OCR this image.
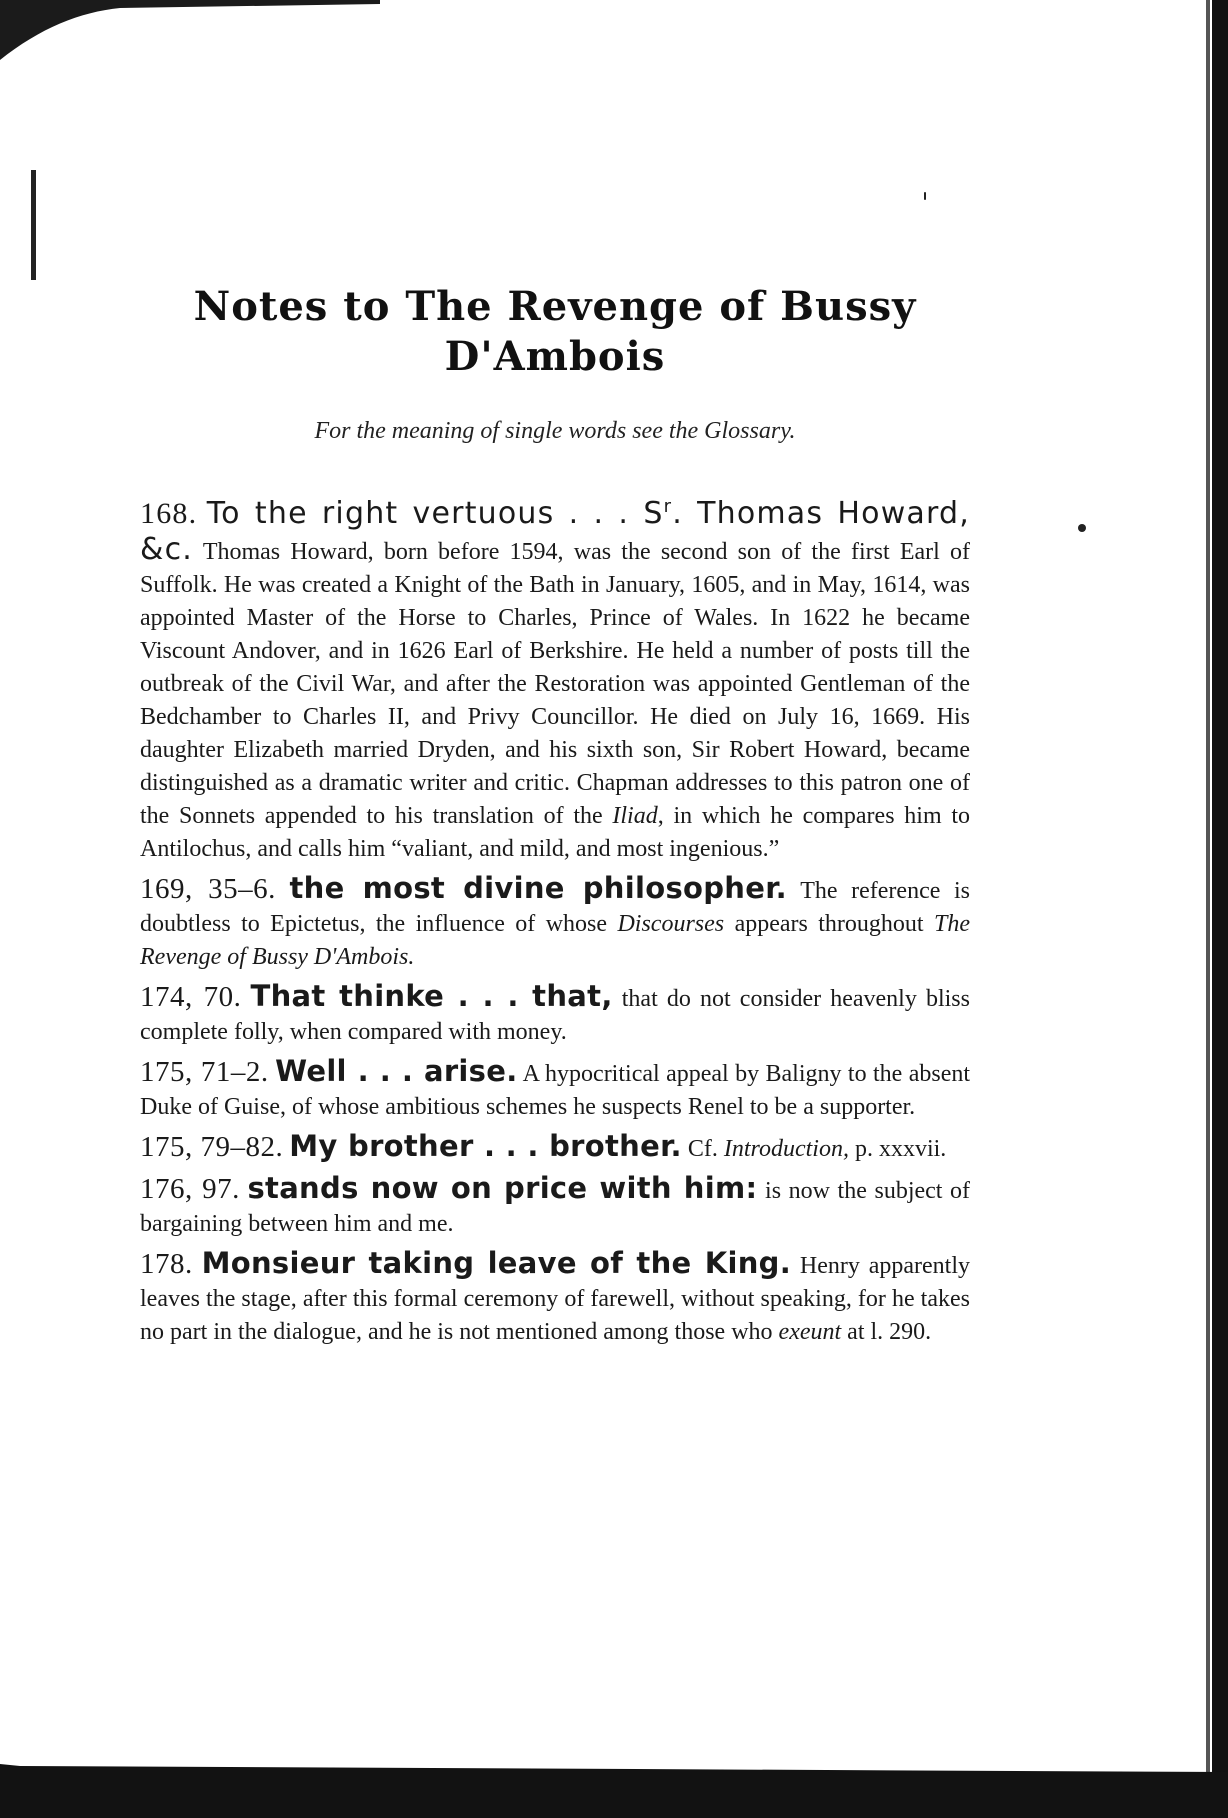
Notes to The Revenge of Bussy
D'Ambois
For the meaning of single words see the Glossary.
168. To the right vertuous . . . $S^r$. Thomas Howard, &c. Thomas Howard, born before 1594, was the second son of the first Earl of Suffolk. He was created a Knight of the Bath in January, 1605, and in May, 1614, was appointed Master of the Horse to Charles, Prince of Wales. In 1622 he became Viscount Andover, and in 1626 Earl of Berkshire. He held a number of posts till the outbreak of the Civil War, and after the Restoration was appointed Gentleman of the Bedchamber to Charles II, and Privy Councillor. He died on July 16, 1669. His daughter Elizabeth married Dryden, and his sixth son, Sir Robert Howard, became distinguished as a dramatic writer and critic. Chapman addresses to this patron one of the Sonnets appended to his translation of the Iliad, in which he compares him to Antilochus, and calls him “valiant, and mild, and most ingenious.”
169, 35–6. the most divine philosopher. The reference is doubtless to Epictetus, the influence of whose Discourses appears throughout The Revenge of Bussy D'Ambois.
174, 70. That thinke . . . that, that do not consider heavenly bliss complete folly, when compared with money.
175, 71–2. Well . . . arise. A hypocritical appeal by Baligny to the absent Duke of Guise, of whose ambitious schemes he suspects Renel to be a supporter.
175, 79–82. My brother . . . brother. Cf. Introduction, p. xxxvii.
176, 97. stands now on price with him: is now the subject of bargaining between him and me.
178. Monsieur taking leave of the King. Henry apparently leaves the stage, after this formal ceremony of farewell, without speaking, for he takes no part in the dialogue, and he is not mentioned among those who exeunt at l. 290.
